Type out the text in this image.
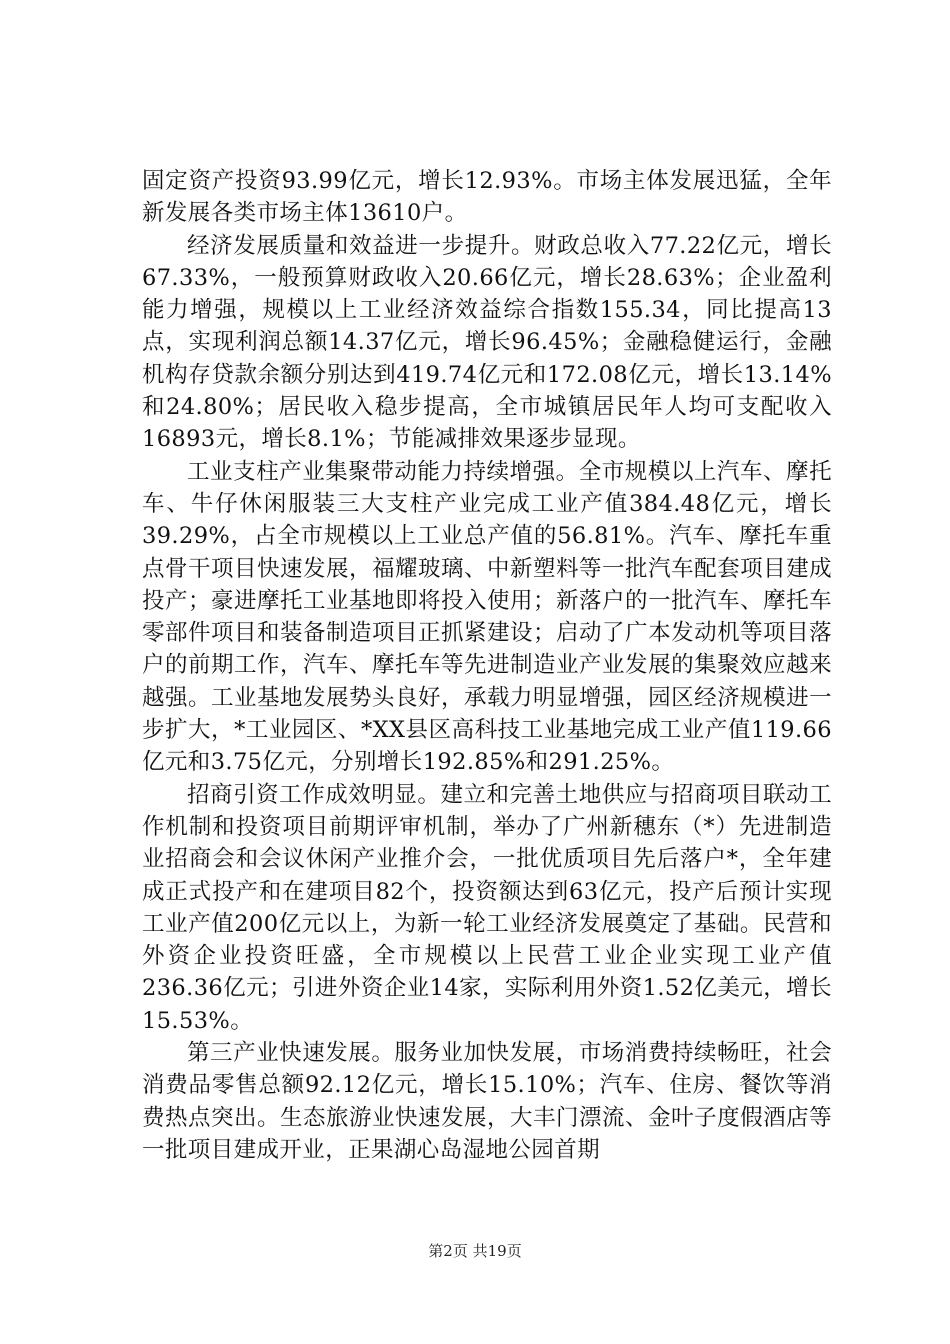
固定资产投资93.99亿元，增长12.93%。市场主体发展迅猛，全年新发展各类市场主体13610户。

经济发展质量和效益进一步提升。财政总收入77.22亿元，增长67.33%，一般预算财政收入20.66亿元，增长28.63%；企业盈利能力增强，规模以上工业经济效益综合指数155.34，同比提高13点，实现利润总额14.37亿元，增长96.45%；金融稳健运行，金融机构存贷款余额分别达到419.74亿元和172.08亿元，增长13.14%和24.80%；居民收入稳步提高，全市城镇居民年人均可支配收入16893元，增长8.1%；节能减排效果逐步显现。

工业支柱产业集聚带动能力持续增强。全市规模以上汽车、摩托车、牛仔休闲服装三大支柱产业完成工业产值384.48亿元，增长39.29%，占全市规模以上工业总产值的56.81%。汽车、摩托车重点骨干项目快速发展，福耀玻璃、中新塑料等一批汽车配套项目建成投产；豪进摩托工业基地即将投入使用；新落户的一批汽车、摩托车零部件项目和装备制造项目正抓紧建设；启动了广本发动机等项目落户的前期工作，汽车、摩托车等先进制造业产业发展的集聚效应越来越强。工业基地发展势头良好，承载力明显增强，园区经济规模进一步扩大，*工业园区、*XX县区高科技工业基地完成工业产值119.66亿元和3.75亿元，分别增长192.85%和291.25%。

招商引资工作成效明显。建立和完善土地供应与招商项目联动工作机制和投资项目前期评审机制，举办了广州新穗东（*）先进制造业招商会和会议休闲产业推介会，一批优质项目先后落户*，全年建成正式投产和在建项目82个，投资额达到63亿元，投产后预计实现工业产值200亿元以上，为新一轮工业经济发展奠定了基础。民营和外资企业投资旺盛，全市规模以上民营工业企业实现工业产值236.36亿元；引进外资企业14家，实际利用外资1.52亿美元，增长15.53%。

第三产业快速发展。服务业加快发展，市场消费持续畅旺，社会消费品零售总额92.12亿元，增长15.10%；汽车、住房、餐饮等消费热点突出。生态旅游业快速发展，大丰门漂流、金叶子度假酒店等一批项目建成开业，正果湖心岛湿地公园首期

第2页 共19页
